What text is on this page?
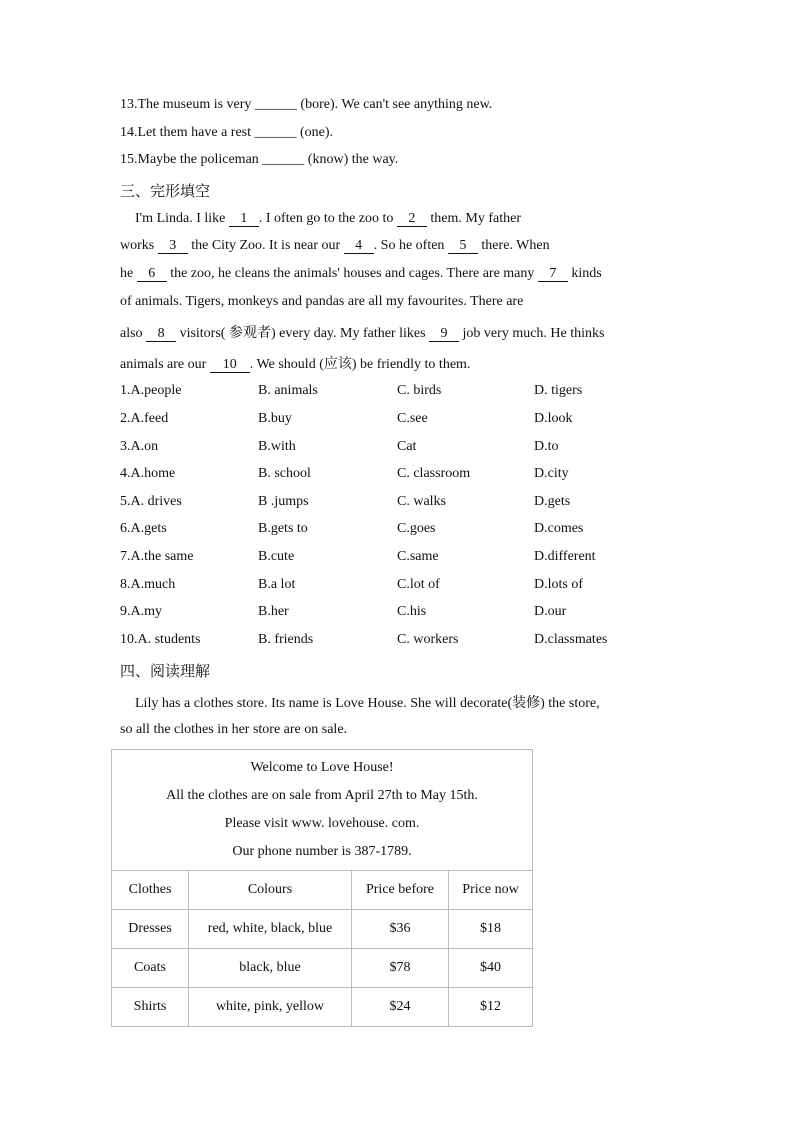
13.The museum is very ______ (bore). We can't see anything new.
14.Let them have a rest ______ (one).
15.Maybe the policeman ______ (know) the way.
三、完形填空
I'm Linda. I like 1 . I often go to the zoo to 2 them. My father
works 3 the City Zoo. It is near our 4 . So he often 5 there. When
he 6 the zoo, he cleans the animals' houses and cages. There are many 7 kinds
of animals. Tigers, monkeys and pandas are all my favourites. There are
also 8 visitors( 参观者) every day. My father likes 9 job very much. He thinks
animals are our 10 . We should (应该) be friendly to them.
1.A.people	B. animals	C. birds	D. tigers
2.A.feed	B.buy	C.see	D.look
3.A.on	B.with	Cat	D.to
4.A.home	B. school	C. classroom	D.city
5.A. drives	B .jumps	C. walks	D.gets
6.A.gets	B.gets to	C.goes	D.comes
7.A.the same	B.cute	C.same	D.different
8.A.much	B.a lot	C.lot of	D.lots of
9.A.my	B.her	C.his	D.our
10.A. students	B. friends	C. workers	D.classmates
四、阅读理解
Lily has a clothes store. Its name is Love House. She will decorate(装修) the store,
so all the clothes in her store are on sale.
Welcome to Love House!
All the clothes are on sale from April 27th to May 15th.
Please visit www. lovehouse. com.
Our phone number is 387-1789.			

Clothes	Colours	Price before	Price now
Dresses	red, white, black, blue	$36	$18
Coats	black, blue	$78	$40
Shirts	white, pink, yellow	$24	$12
